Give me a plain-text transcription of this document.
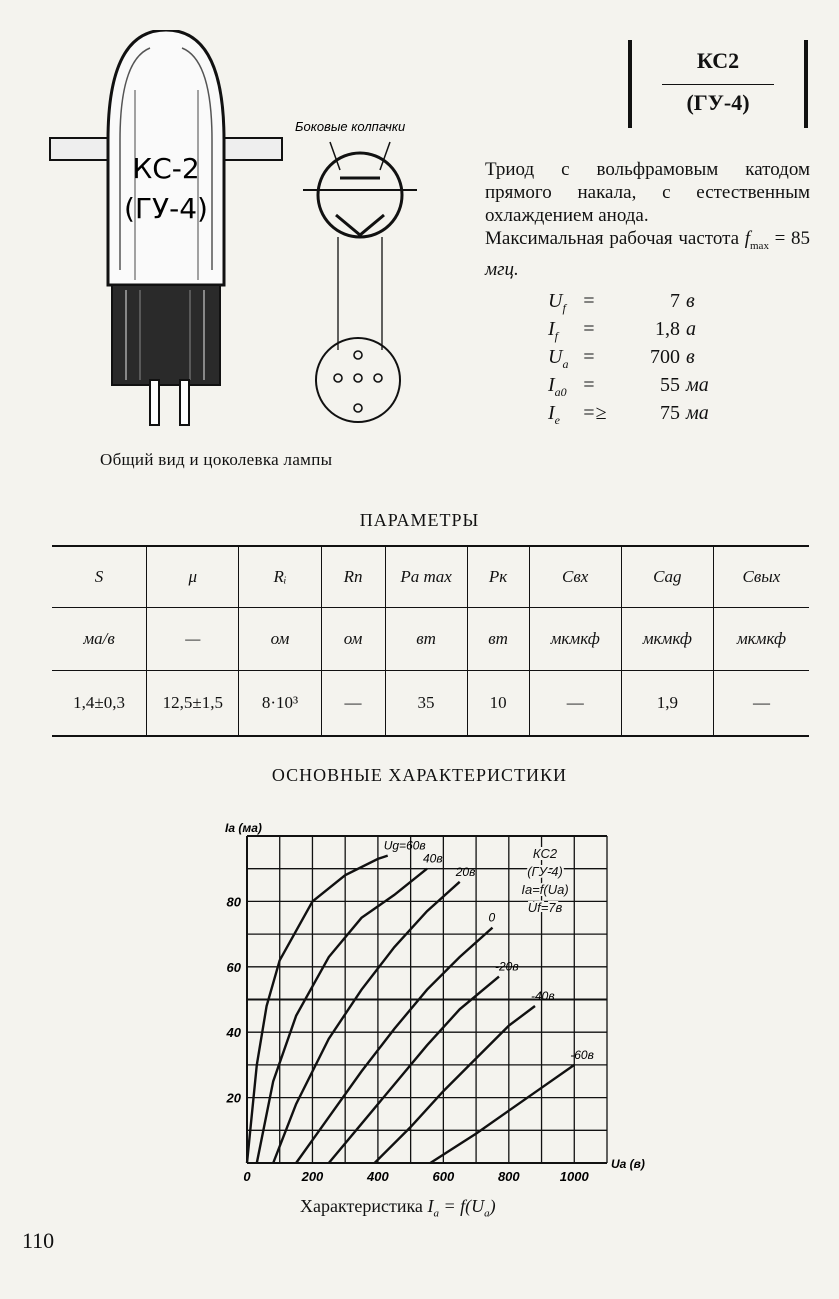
КС-2
(ГУ-4)
Боковые колпачки
Общий вид и цоколевка лампы
КС2
(ГУ-4)

Триод с вольфрамовым катодом прямого накала, с естественным охлаждением анода.

Максимальная рабочая частота $f_{max} = 85$ мгц.

$U_f$ =	7 в
$I_f$ =	1,8 а
$U_a$ =	700 в
$I_{a0}$ =	55 ма
$I_e$ =≥	75 ма
ПАРАМЕТРЫ
S	μ	Rᵢ	Rп	Pa max	Pк	Cвх	Cag	Cвых
ма/в	—	ом	ом	вт	вт	мкмкф	мкмкф	мкмкф
1,4±0,3	12,5±1,5	8·10³	—	35	10	—	1,9	—
ОСНОВНЫЕ ХАРАКТЕРИСТИКИ
0	200	400	600	800	1000
20
40
60
80
Ia (ма)
Ua (в)
Ug=60в
40в
20в
0
-20в
-40в
-60в
КС2
(ГУ-4)
Ia=f(Ua)
Uf=7в
Характеристика $I_a = f(U_a)$
110
